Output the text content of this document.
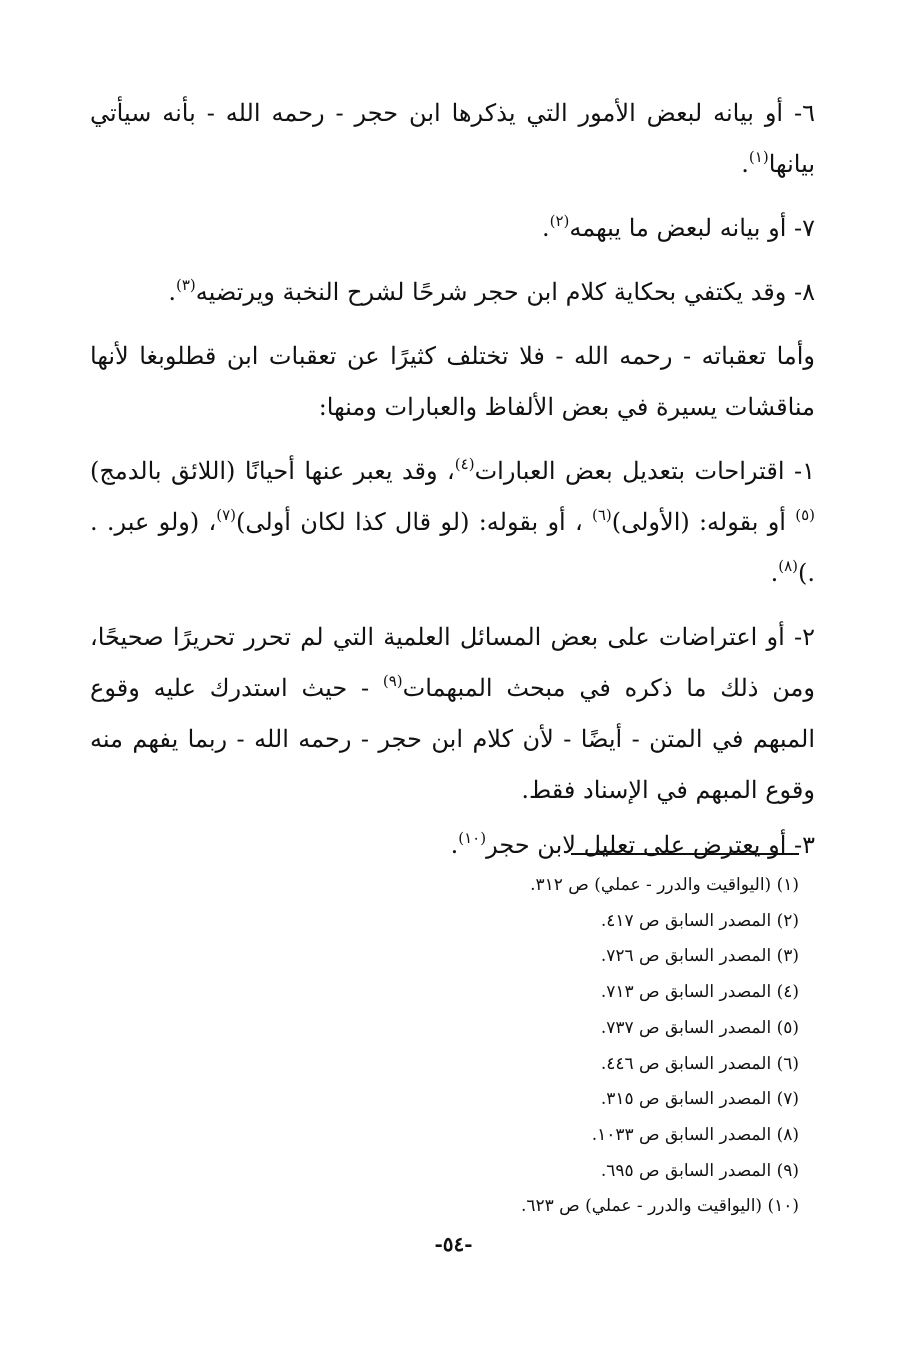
٦- أو بيانه لبعض الأمور التي يذكرها ابن حجر - رحمه الله - بأنه سيأتي بيانها$^{(١)}$.

٧- أو بيانه لبعض ما يبهمه$^{(٢)}$.

٨- وقد يكتفي بحكاية كلام ابن حجر شرحًا لشرح النخبة ويرتضيه$^{(٣)}$.

وأما تعقباته - رحمه الله - فلا تختلف كثيرًا عن تعقبات ابن قطلوبغا لأنها مناقشات يسيرة في بعض الألفاظ والعبارات ومنها:

١- اقتراحات بتعديل بعض العبارات$^{(٤)}$، وقد يعبر عنها أحيانًا (اللائق بالدمج)$^{(٥)}$ أو بقوله: (الأولى)$^{(٦)}$ ، أو بقوله: (لو قال كذا لكان أولى)$^{(٧)}$، (ولو عبر. . .)$^{(٨)}$.

٢- أو اعتراضات على بعض المسائل العلمية التي لم تحرر تحريرًا صحيحًا، ومن ذلك ما ذكره في مبحث المبهمات$^{(٩)}$ - حيث استدرك عليه وقوع المبهم في المتن - أيضًا - لأن كلام ابن حجر - رحمه الله - ربما يفهم منه وقوع المبهم في الإسناد فقط.

٣- أو يعترض على تعليل لابن حجر$^{(١٠)}$.

(١) (اليواقيت والدرر - عملي) ص ٣١٢.
(٢) المصدر السابق ص ٤١٧.
(٣) المصدر السابق ص ٧٢٦.
(٤) المصدر السابق ص ٧١٣.
(٥) المصدر السابق ص ٧٣٧.
(٦) المصدر السابق ص ٤٤٦.
(٧) المصدر السابق ص ٣١٥.
(٨) المصدر السابق ص ١٠٣٣.
(٩) المصدر السابق ص ٦٩٥.
(١٠) (اليواقيت والدرر - عملي) ص ٦٢٣.
-٥٤-
